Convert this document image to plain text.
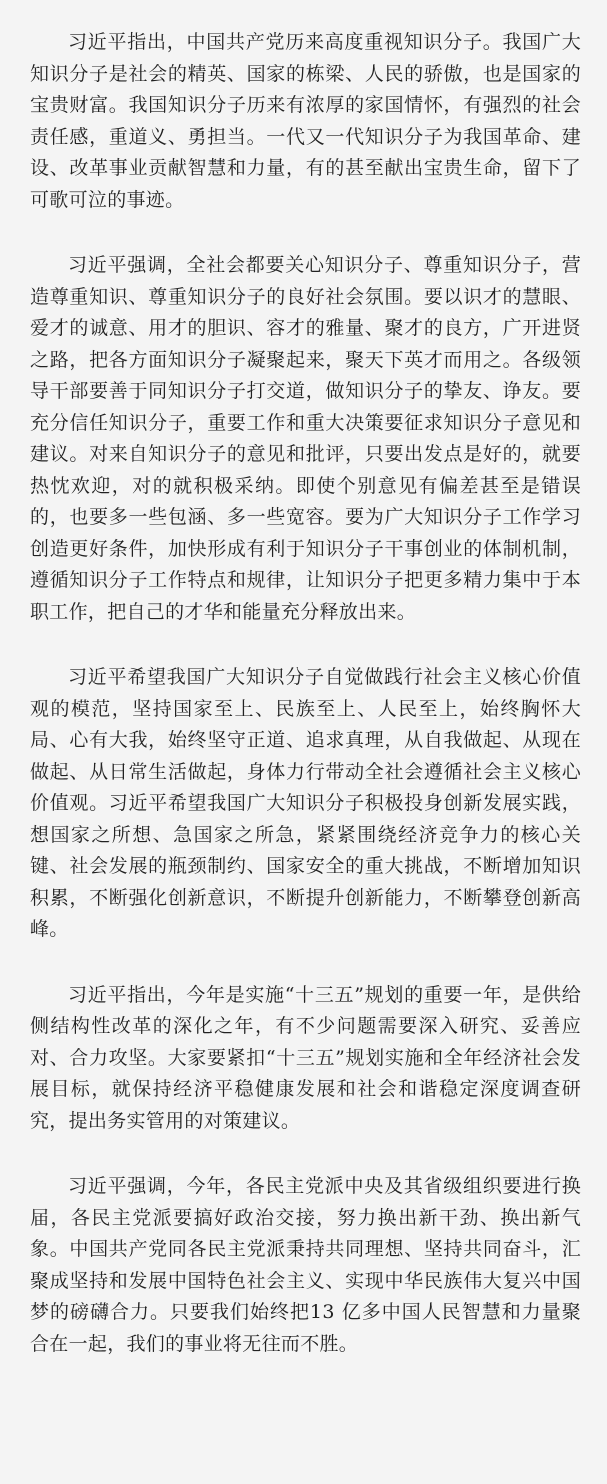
习近平指出，中国共产党历来高度重视知识分子。我国广大知识分子是社会的精英、国家的栋梁、人民的骄傲，也是国家的宝贵财富。我国知识分子历来有浓厚的家国情怀，有强烈的社会责任感，重道义、勇担当。一代又一代知识分子为我国革命、建设、改革事业贡献智慧和力量，有的甚至献出宝贵生命，留下了可歌可泣的事迹。

习近平强调，全社会都要关心知识分子、尊重知识分子，营造尊重知识、尊重知识分子的良好社会氛围。要以识才的慧眼、爱才的诚意、用才的胆识、容才的雅量、聚才的良方，广开进贤之路，把各方面知识分子凝聚起来，聚天下英才而用之。各级领导干部要善于同知识分子打交道，做知识分子的挚友、诤友。要充分信任知识分子，重要工作和重大决策要征求知识分子意见和建议。对来自知识分子的意见和批评，只要出发点是好的，就要热忱欢迎，对的就积极采纳。即使个别意见有偏差甚至是错误的，也要多一些包涵、多一些宽容。要为广大知识分子工作学习创造更好条件，加快形成有利于知识分子干事创业的体制机制，遵循知识分子工作特点和规律，让知识分子把更多精力集中于本职工作，把自己的才华和能量充分释放出来。

习近平希望我国广大知识分子自觉做践行社会主义核心价值观的模范，坚持国家至上、民族至上、人民至上，始终胸怀大局、心有大我，始终坚守正道、追求真理，从自我做起、从现在做起、从日常生活做起，身体力行带动全社会遵循社会主义核心价值观。习近平希望我国广大知识分子积极投身创新发展实践，想国家之所想、急国家之所急，紧紧围绕经济竞争力的核心关键、社会发展的瓶颈制约、国家安全的重大挑战，不断增加知识积累，不断强化创新意识，不断提升创新能力，不断攀登创新高峰。

习近平指出，今年是实施“十三五”规划的重要一年，是供给侧结构性改革的深化之年，有不少问题需要深入研究、妥善应对、合力攻坚。大家要紧扣“十三五”规划实施和全年经济社会发展目标，就保持经济平稳健康发展和社会和谐稳定深度调查研究，提出务实管用的对策建议。

习近平强调，今年，各民主党派中央及其省级组织要进行换届，各民主党派要搞好政治交接，努力换出新干劲、换出新气象。中国共产党同各民主党派秉持共同理想、坚持共同奋斗，汇聚成坚持和发展中国特色社会主义、实现中华民族伟大复兴中国梦的磅礴合力。只要我们始终把13 亿多中国人民智慧和力量聚合在一起，我们的事业将无往而不胜。
